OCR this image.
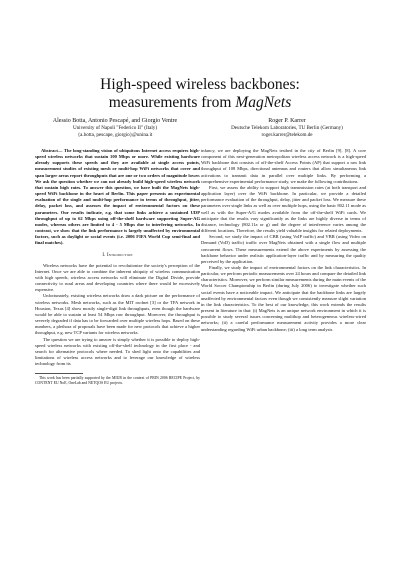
High-speed wireless backbones:
measurements from MagNets
Alessio Botta, Antonio Pescapé, and Giorgio Ventre
University of Napoli "Federico II" (Italy)
{a.botta, pescape, giorgio}@unina.it
Roger P. Karrer
Deutsche Telekom Laboratories, TU Berlin (Germany)
roger.karrer@telekom.de

Abstract— The long-standing vision of ubiquitous Internet access requires high-speed wireless networks that sustain 100 Mbps or more. While existing hardware already supports these speeds and they are available at single access points, measurement studies of existing mesh or multi-hop WiFi networks that cover and span larger areas report throughputs that are one or two orders of magnitude lower. We ask the question whether we can not already build high-speed wireless network that sustain high rates. To answer this question, we have built the MagNets high-speed WiFi backbone in the heart of Berlin. This paper presents an experimental evaluation of the single and multi-hop performance in terms of throughput, jitter, delay, packet loss, and assesses the impact of environmental factors on these parameters. Our results indicate, e.g. that some links achieve a sustained UDP throughput of up to 62 Mbps using off-the-shelf hardware supporting Super-AG modes, whereas others are limited to 4 - 5 Mbps due to interfering networks. In contrast, we show that the link performance is largely unaffected by environmental factors, such as daylight or social events (i.e. 2006 FIFA World Cup semi-final and final matches).

I. Introduction

Wireless networks have the potential to revolutionize the society's perception of the Internet. Once we are able to combine the inherent ubiquity of wireless communication with high speeds, wireless access networks will eliminate the Digital Divide, provide connectivity to rural areas and developing countries where there would be excessively expensive.

Unfortunately, existing wireless networks draw a dark picture on the performance of wireless networks. Mesh networks, such as the MIT roofnet [3] or the TFA network in Houston, Texas [4] show mostly single-digit link throughputs, even though the hardware would be able to sustain at least 54 Mbps raw throughput. Moreover, the throughput is severely degraded if data has to be forwarded over multiple wireless hops. Based on these numbers, a plethora of proposals have been made for new protocols that achieve a higher throughput, e.g. new TCP variants for wireless networks.

The question we are trying to answer is simply whether it is possible to deploy high-speed wireless networks with existing off-the-shelf technology in the first place - and search for alternative protocols where needed. To shed light onto the capabilities and limitations of wireless access networks and to leverage our knowledge of wireless technology from its

This work has been partially supported by the MIUR in the context of PRIN 2006 RECIPE Project, by CONTENT EU NoE, OneLab and NETQOS EU projects.

infancy, we are deploying the MagNets testbed in the city of Berlin [9], [8]. A core component of this next-generation metropolitan wireless access network is a high-speed WiFi backbone that consists of off-the-shelf Access Points (AP) that support a raw link throughput of 108 Mbps, directional antennas and routers that allow simultaneous link activations to transmit data in parallel over multiple links. By performing a comprehensive experimental performance study, we make the following contributions.

First, we assess the ability to support high transmission rates (at both transport and application layer) over the WiFi backbone. In particular, we provide a detailed performance evaluation of the throughput, delay, jitter and packet loss. We measure these parameters over single links as well as over multiple hops, using the basic 802.11 mode as well as with the Super-A/G modes available from the off-the-shelf WiFi cards. We anticipate that the results vary significantly as the links are highly diverse in terms of distance, technology (802.11a or g) and the degree of interference varies among the different locations. Therefore, the results yield valuable insights for related deployments.

Second, we study the impact of CBR (using VoIP traffic) and VBR (using Video on Demand (VoD) traffic) traffic over MagNets obtained with a single flow and multiple concurrent flows. These measurements extend the above experiments by assessing the backbone behavior under realistic application-layer traffic and by measuring the quality perceived by the application.

Finally, we study the impact of environmental factors on the link characteristics. In particular, we perform periodic measurements over 24 hours and compare the detailed link characteristics. Moreover, we perform similar measurements during the main events of the World Soccer Championship in Berlin (during July 2006) to investigate whether such social events have a noticeable impact. We anticipate that the backbone links are largely unaffected by environmental factors even though we consistently measure slight variation in the link characteristics. To the best of our knowledge, this work extends the results present in literature in that: (i) MagNets is an unique network environment in which it is possible to study several issues concerning multihop and heterogeneous wireless-wired networks; (ii) a careful performance measurement activity provides a more clear understanding regarding WiFi urban backbone; (iii) a long term analysis
